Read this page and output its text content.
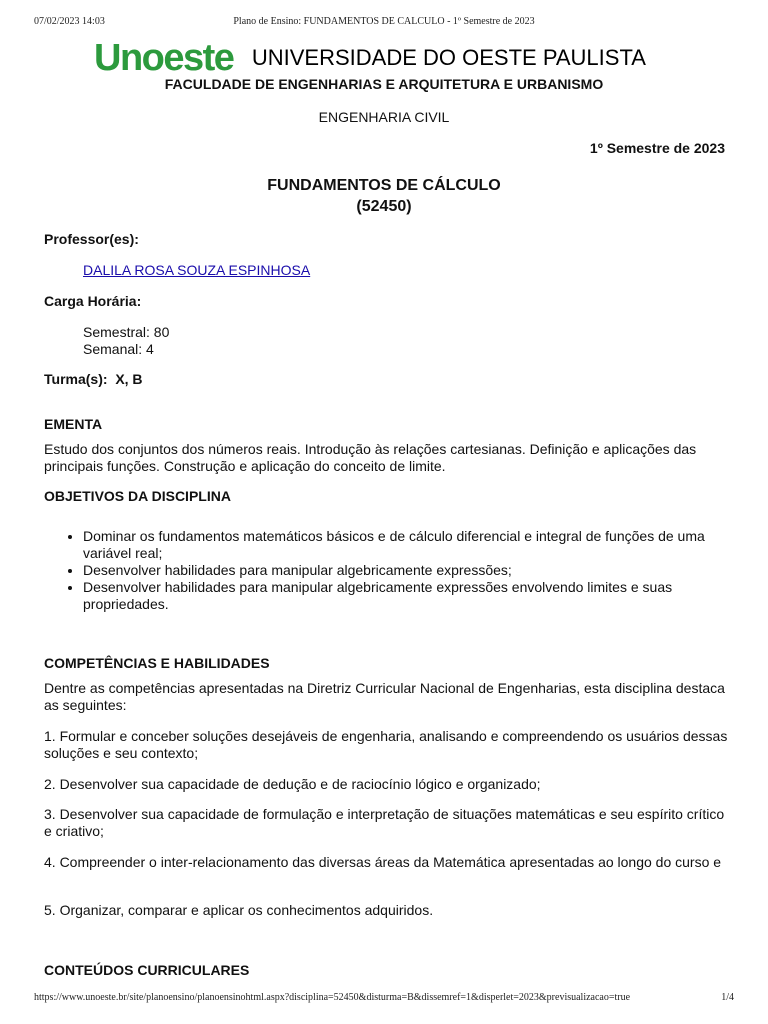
07/02/2023 14:03	Plano de Ensino: FUNDAMENTOS DE CALCULO - 1º Semestre de 2023
Unoeste UNIVERSIDADE DO OESTE PAULISTA
FACULDADE DE ENGENHARIAS E ARQUITETURA E URBANISMO
ENGENHARIA CIVIL
1º Semestre de 2023
FUNDAMENTOS DE CÁLCULO
(52450)
Professor(es):
DALILA ROSA SOUZA ESPINHOSA
Carga Horária:
Semestral: 80
Semanal: 4
Turma(s): X, B
EMENTA

Estudo dos conjuntos dos números reais. Introdução às relações cartesianas. Definição e aplicações das principais funções. Construção e aplicação do conceito de limite.

OBJETIVOS DA DISCIPLINA
• Dominar os fundamentos matemáticos básicos e de cálculo diferencial e integral de funções de uma variável real;
• Desenvolver habilidades para manipular algebricamente expressões;
• Desenvolver habilidades para manipular algebricamente expressões envolvendo limites e suas propriedades.
COMPETÊNCIAS E HABILIDADES

Dentre as competências apresentadas na Diretriz Curricular Nacional de Engenharias, esta disciplina destaca as seguintes:

1. Formular e conceber soluções desejáveis de engenharia, analisando e compreendendo os usuários dessas soluções e seu contexto;

2. Desenvolver sua capacidade de dedução e de raciocínio lógico e organizado;

3. Desenvolver sua capacidade de formulação e interpretação de situações matemáticas e seu espírito crítico e criativo;

4. Compreender o inter-relacionamento das diversas áreas da Matemática apresentadas ao longo do curso e

5. Organizar, comparar e aplicar os conhecimentos adquiridos.

CONTEÚDOS CURRICULARES
https://www.unoeste.br/site/planoensino/planoensinohtml.aspx?disciplina=52450&disturma=B&dissemref=1&disperlet=2023&previsualizacao=true	1/4
